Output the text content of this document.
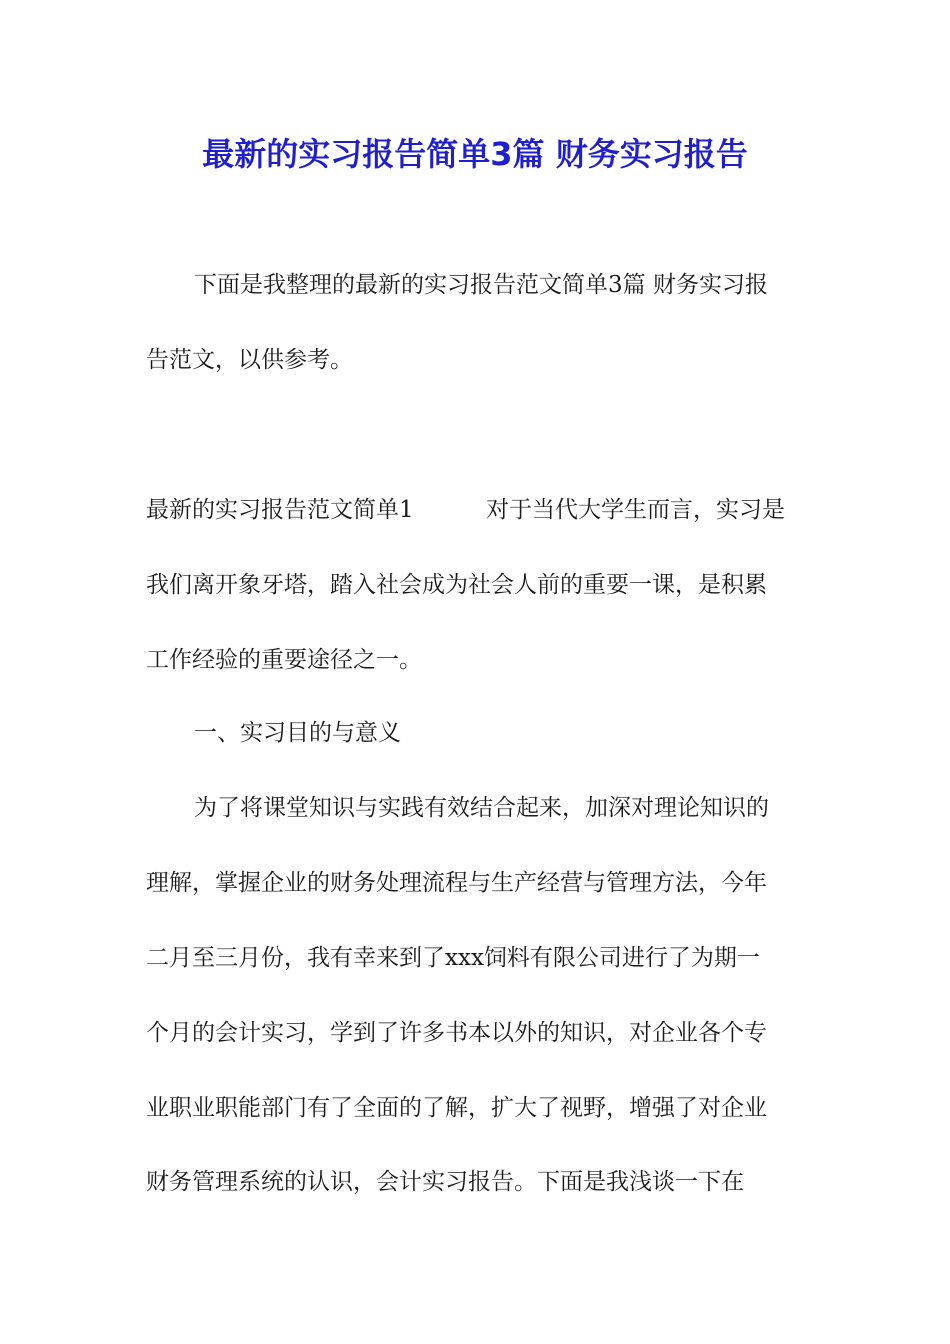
最新的实习报告简单3篇 财务实习报告
下面是我整理的最新的实习报告范文简单3篇 财务实习报
告范文，以供参考。
最新的实习报告范文简单1	对于当代大学生而言，实习是
我们离开象牙塔，踏入社会成为社会人前的重要一课，是积累
工作经验的重要途径之一。
一、实习目的与意义
为了将课堂知识与实践有效结合起来，加深对理论知识的
理解，掌握企业的财务处理流程与生产经营与管理方法，今年
二月至三月份，我有幸来到了xxx饲料有限公司进行了为期一
个月的会计实习，学到了许多书本以外的知识，对企业各个专
业职业职能部门有了全面的了解，扩大了视野，增强了对企业
财务管理系统的认识，会计实习报告。下面是我浅谈一下在
